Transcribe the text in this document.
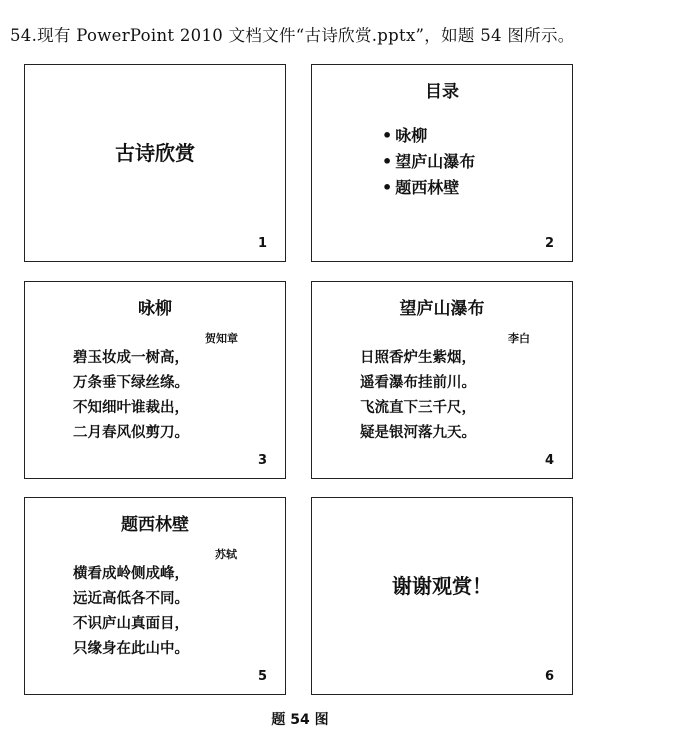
54.现有 PowerPoint 2010 文档文件“古诗欣赏.pptx”，如题 54 图所示。
古诗欣赏
1
目录
• 咏柳
• 望庐山瀑布
• 题西林壁
2
咏柳
贺知章
碧玉妆成一树高，
万条垂下绿丝绦。
不知细叶谁裁出，
二月春风似剪刀。
3
望庐山瀑布
李白
日照香炉生紫烟，
遥看瀑布挂前川。
飞流直下三千尺，
疑是银河落九天。
4
题西林壁
苏轼
横看成岭侧成峰，
远近高低各不同。
不识庐山真面目，
只缘身在此山中。
5
谢谢观赏！
6
题 54 图
